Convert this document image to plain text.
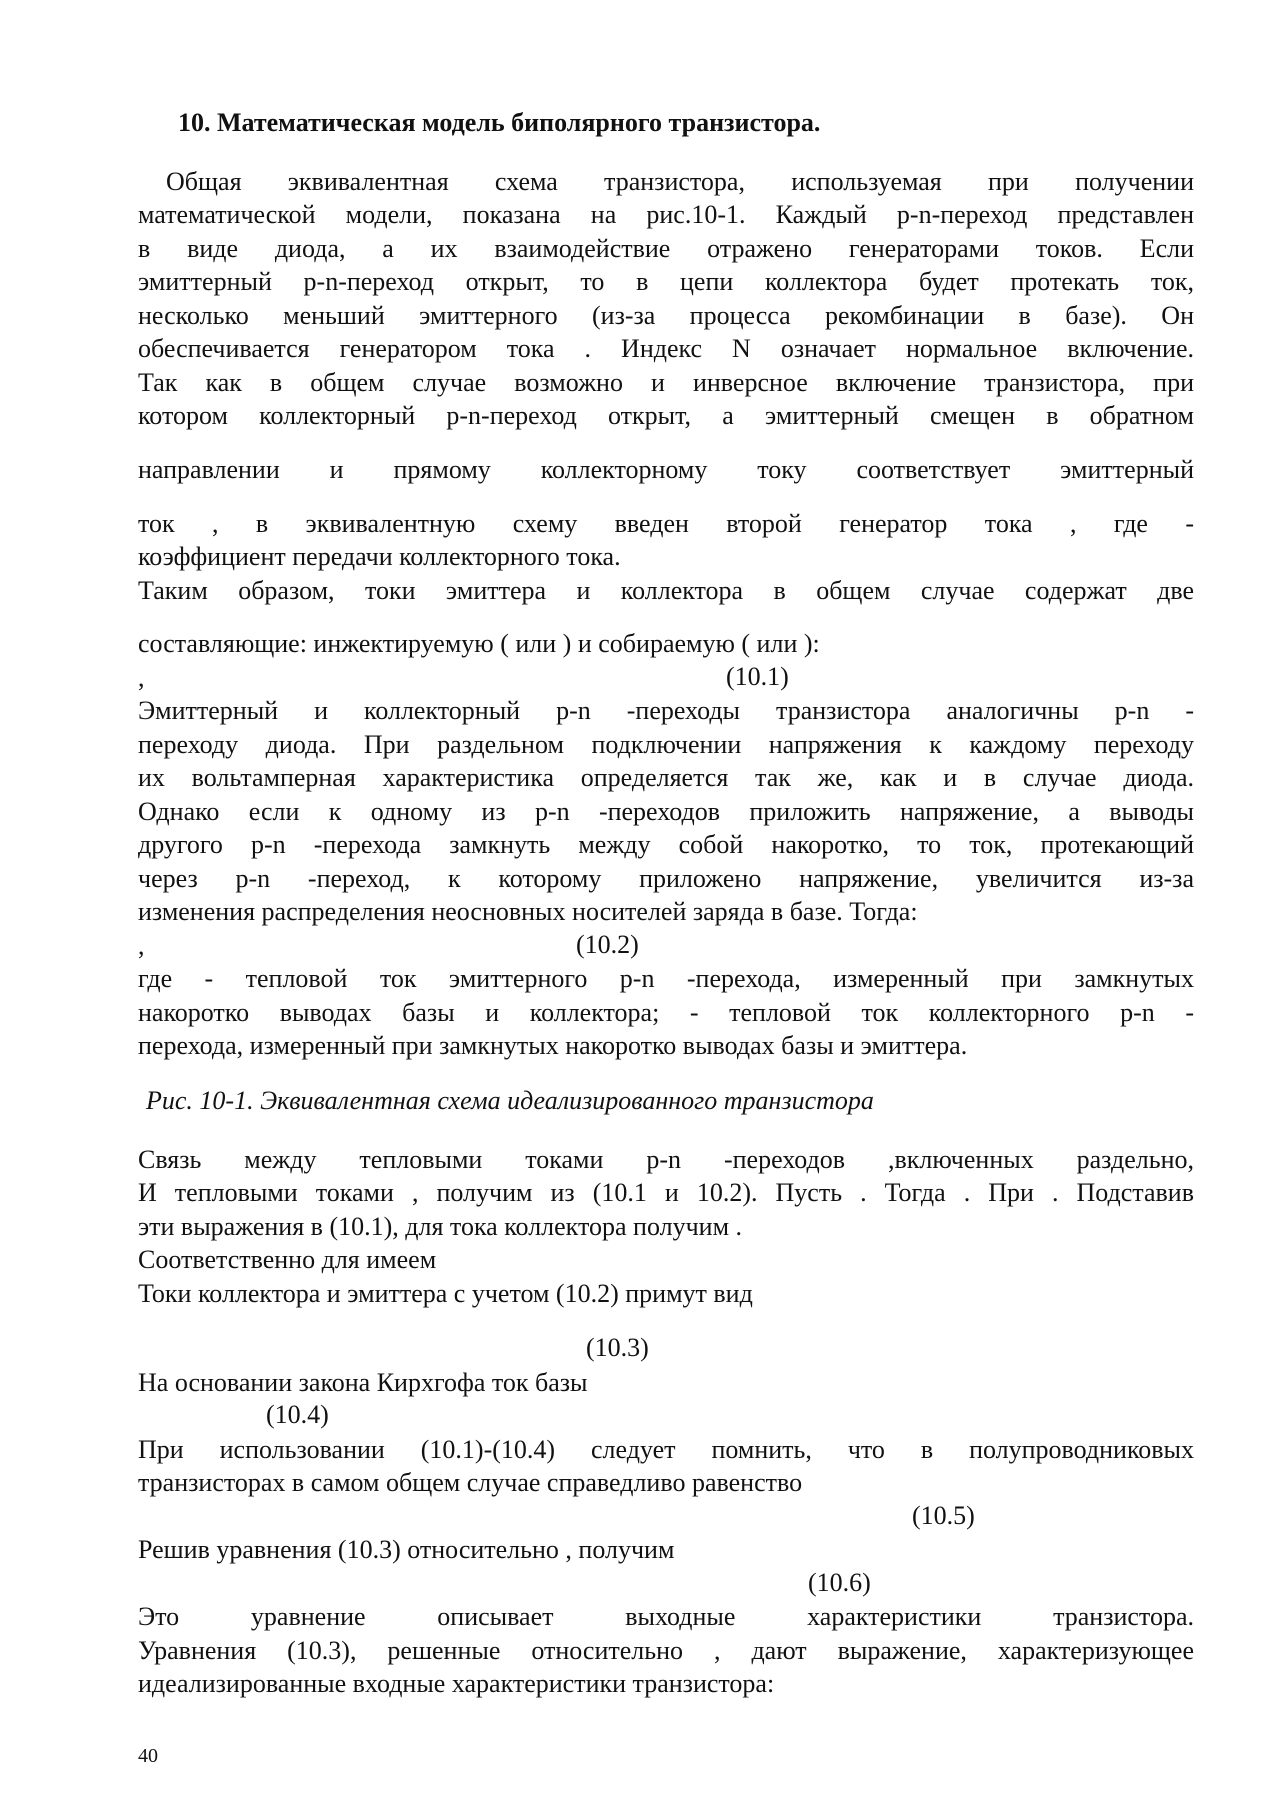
10. Математическая модель биполярного транзистора.
Общая эквивалентная схема транзистора, используемая при получении
математической модели, показана на рис.10-1. Каждый p-n-переход представлен
в виде диода, а их взаимодействие отражено генераторами токов. Если
эмиттерный p-n-переход открыт, то в цепи коллектора будет протекать ток,
несколько меньший эмиттерного (из-за процесса рекомбинации в базе). Он
обеспечивается генератором тока . Индекс N означает нормальное включение.
Так как в общем случае возможно и инверсное включение транзистора, при
котором коллекторный p-n-переход открыт, а эмиттерный смещен в обратном
направлении и прямому коллекторному току соответствует эмиттерный
ток , в эквивалентную схему введен второй генератор тока , где -
коэффициент передачи коллекторного тока.
Таким образом, токи эмиттера и коллектора в общем случае содержат две
составляющие: инжектируемую ( или ) и собираемую ( или ):
,	(10.1)
Эмиттерный и коллекторный p-n -переходы транзистора аналогичны p-n -
переходу диода. При раздельном подключении напряжения к каждому переходу
их вольтамперная характеристика определяется так же, как и в случае диода.
Однако если к одному из p-n -переходов приложить напряжение, а выводы
другого p-n -перехода замкнуть между собой накоротко, то ток, протекающий
через p-n -переход, к которому приложено напряжение, увеличится из-за
изменения распределения неосновных носителей заряда в базе. Тогда:
,	(10.2)
где - тепловой ток эмиттерного p-n -перехода, измеренный при замкнутых
накоротко выводах базы и коллектора; - тепловой ток коллекторного p-n -
перехода, измеренный при замкнутых накоротко выводах базы и эмиттера.
Рис. 10-1. Эквивалентная схема идеализированного транзистора
Связь между тепловыми токами p-n -переходов ,включенных раздельно,
И тепловыми токами , получим из (10.1 и 10.2). Пусть . Тогда . При . Подставив
эти выражения в (10.1), для тока коллектора получим .
Соответственно для имеем
Токи коллектора и эмиттера с учетом (10.2) примут вид
(10.3)
На основании закона Кирхгофа ток базы
(10.4)
При использовании (10.1)-(10.4) следует помнить, что в полупроводниковых
транзисторах в самом общем случае справедливо равенство
(10.5)
Решив уравнения (10.3) относительно , получим
(10.6)
Это уравнение описывает выходные характеристики транзистора.
Уравнения (10.3), решенные относительно , дают выражение, характеризующее
идеализированные входные характеристики транзистора:
40
